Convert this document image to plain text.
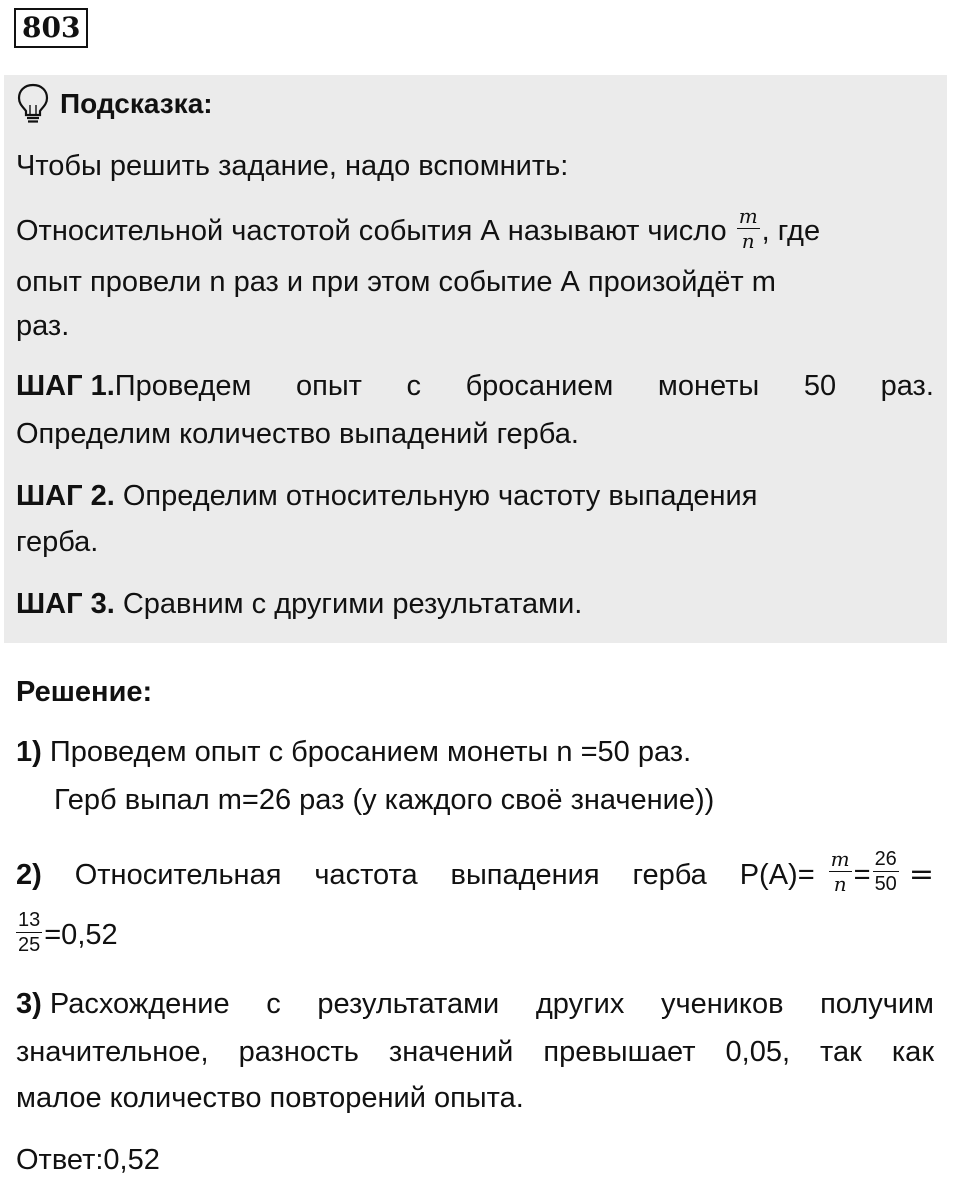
803
Подсказка:
Чтобы решить задание, надо вспомнить:
Относительной частотой события А называют число $\frac{m}{n}$ , где
опыт провели n раз и при этом событие А произойдёт m
раз.
ШАГ 1.Проведем опыт с бросанием монеты 50 раз.
Определим количество выпадений герба.
ШАГ 2. Определим относительную частоту выпадения
герба.
ШАГ 3. Сравним с другими результатами.
Решение:
1) Проведем опыт с бросанием монеты n =50 раз.
Герб выпал m=26 раз (у каждого своё значение))
2) Относительная частота выпадения герба $P(A)= \frac{m}{n} = \frac{26}{50}$ =
$\frac{13}{25} =0,52$
3) Расхождение с результатами других учеников получим
значительное, разность значений превышает 0,05, так как
малое количество повторений опыта.
Ответ:0,52
